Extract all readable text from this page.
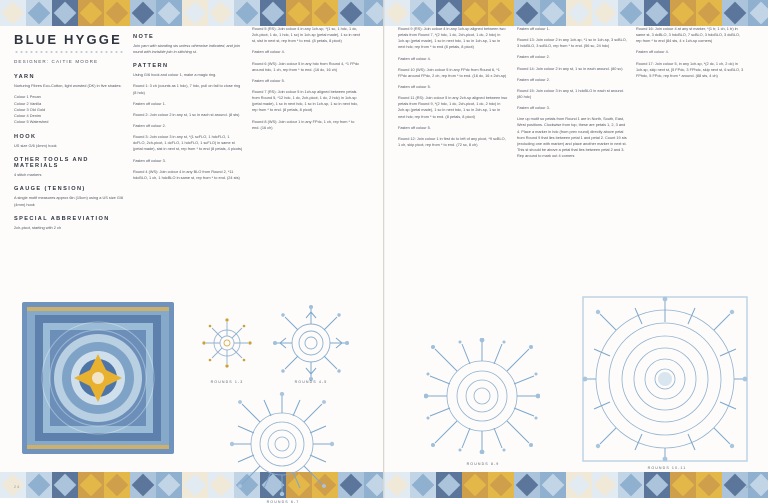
BLUE HYGGE
DESIGNER: CAITIE MOORE
YARN

Nurturing Fibres Eco-Cotton, light worsted (DK) in five shades:

Colour 1 Pecan
Colour 2 Vanilla
Colour 3 Old Gold
Colour 4 Denim
Colour 5 Watershed
HOOK

US size G/6 (4mm) hook

OTHER TOOLS AND MATERIALS

4 stitch markers

GAUGE (TENSION)

A single motif measures approx 6in (15cm) using a US size G/6 (4mm) hook

SPECIAL ABBREVIATION

2ch-picot, starting with 2 ch

NOTE

Join yarn with standing sts unless otherwise indicated, and join round with invisible join in stitching st.

PATTERN

Using G/6 hook and colour 1, make a magic ring.

Round 1: 3 ch (counts as 1 hdc), 7 hdc, pull on fail to close ring (8 hdc)

Fasten off colour 1.

Round 2: Join colour 2 in any st, 1 sc in each st around. (8 sts)

Fasten off colour 2.

Round 3: Join colour 3 in any st, *(1 scFLO, 1 hdcFLO, 1 dcFLO, 2ch-picot, 1 dcFLO, 1 hdcFLO, 1 scFLO) in same st (petal made), sist in next st, rep from * to end (8 petals, 4 picots)

Fasten off colour 3.

Round 4 (WS): Join colour 4 in any BLO from Round 2, *11 hdcBLO, 1 ch, 1 hdcBLO in same st, rep from * to end. (24 sts)

Round 5 (RS): Join colour 4 in any 1ch-sp, *(1 sc, 1 hdc, 1 dc, 2ch-picot, 1 dc, 1 hdc, 1 sc) in 1ch-sp (petal made), 1 sc in next st, sist in next st, rep from * to end. (8 petals, 8 picot)

Fasten off colour 4.

Round 6 (WS): Join colour 5 in any hdc from Round 4, *1 FPdc around hdc, 1 ch, rep from * to end. (16 dc, 16 ch)

Fasten off colour 5.

Round 7 (RS): Join colour 5 in 1ch-sp aligned between petals from Round 5, *12 hdc, 1 dc, 2ch-picot, 1 dc, 2 hdc) in 1ch-sp (petal made), 1 sc in next hdc, 1 sc in 1ch-sp, 1 sc in next hdc, rep from * to end. (8 petals, 8 picot)

Round 8 (WS): Join colour 1 in any FPdc, 1 ch, rep from * to end. (16 ch)

24
ROUNDS 1-3	ROUNDS 4-5
ROUNDS 6-7

Round 9 (RS): Join colour 4 in any 1ch-sp aligned between two petals from Round 7, *(2 hdc, 1 dc, 2ch-picot, 1 dc, 2 hdc) in 1ch-sp (petal made), 1 sc in next hdc, 1 sc in 1ch-sp, 1 sc in next hdc; rep from * to end (8 petals, 8 picot)

Fasten off colour 4.

Round 10 (WS): Join colour 5 in any FPdc from Round 6, *1 FPdc around FPdc, 2 ch, rep from * to end. (16 dc, 16 x 2ch-sp)

Fasten off colour 5.

Round 11 (RS): Join colour 5 in any 2ch-sp aligned between two petals from Round 9, *(2 hdc, 1 dc, 2ch-picot, 1 dc, 2 hdc) in 2ch-sp (petal made), 1 sc in next hdc, 1 sc in 2ch-sp, 1 sc in next hdc; rep from * to end. (8 petals, 8 picot)

Fasten off colour 5.

Round 12: Join colour 1 in first dc to left of any picot, *9 scBLO, 1 ch, skip picot, rep from * to end. (72 sc, 8 ch)

Fasten off colour 1.

Round 13: Join colour 2 in any 1ch-sp, *1 sc in 1ch-sp, 3 scBLO, 3 hdcBLO, 3 scBLO, rep from * to end. (56 sc, 24 hdc)

Fasten off colour 2.

Round 14: Join colour 2 in any st, 1 sc in each around. (80 sc)

Fasten off colour 2.

Round 15: Join colour 3 in any st, 1 hdcBLO in each st around. (80 hdc)

Fasten off colour 3.

Line up motif so petals from Round 1 are in North, South, East, West positions. Clockwise from top, these are petals 1, 2, 3 and 4. Place a marker in hdc (from prev round) directly above petal from Round 9 that lies between petal 1 and petal 2. Count 19 sts (excluding one with marker) and place another marker in next st. This st should be above a petal that lies between petal 2 and 3. Rep around to mark out 4 corners

Round 16: Join colour 4 at any st marker, *(1 tr, 1 ch, 1 tr) in same st, 3 dcBLO, 3 hdcBLO, 7 scBLO, 3 hdcBLO, 3 dcBLO, rep from * to end (84 sts, 4 x 1ch-sp corners)

Fasten off colour 4.

Round 17: Join colour 5, in any 1ch-sp, *(2 dc, 1 ch, 2 dc) in 1ch-sp, skip next st, [5 FPdc, 3 FPhdc, skip next st, 6 scBLO, 3 FPhdc, 5 FPdc, rep from * around. (88 sts, 4 ch)

25
ROUNDS 8-9
ROUNDS 10-11
